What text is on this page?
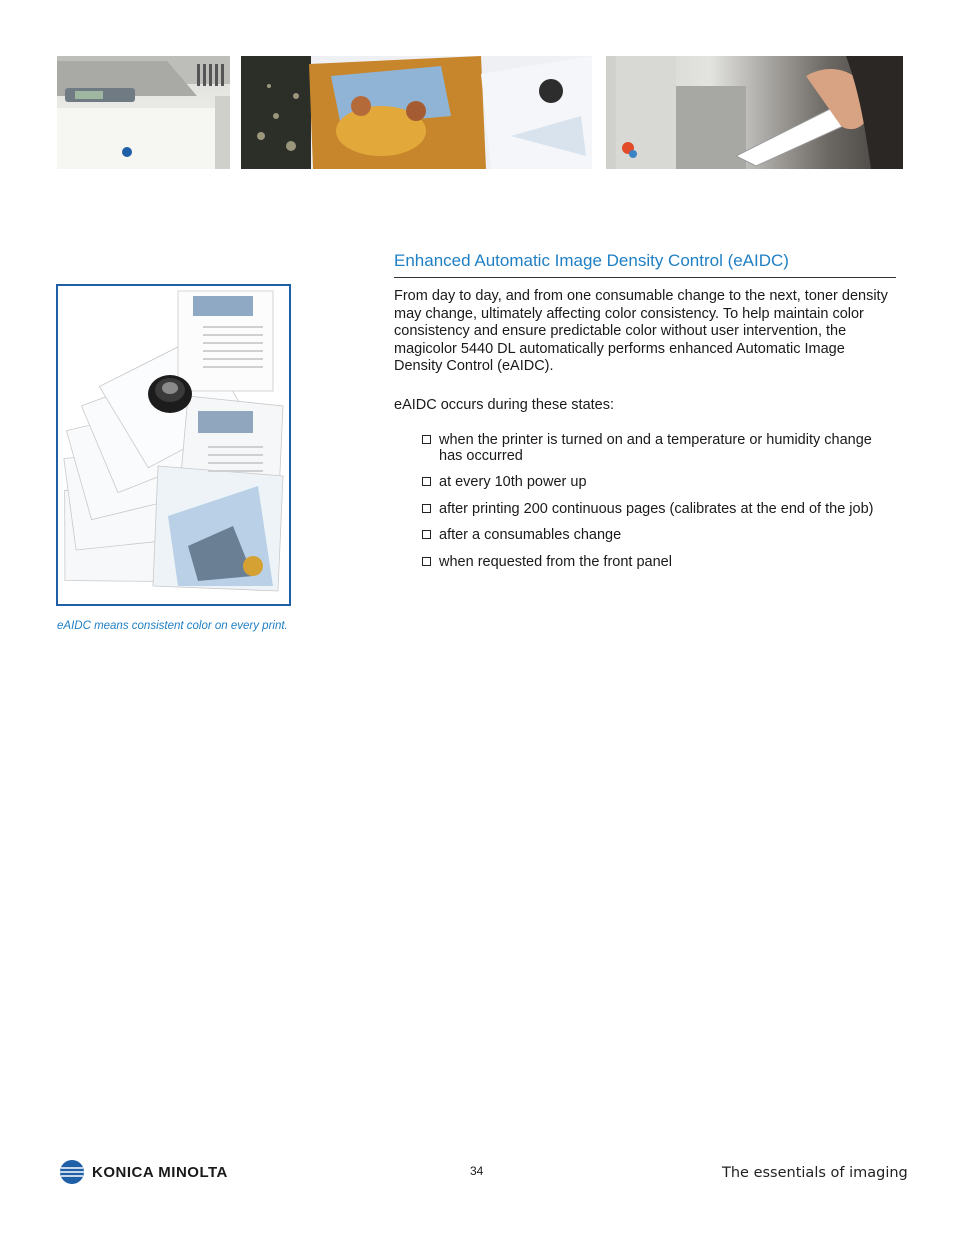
eAIDC means consistent color on every print.
Enhanced Automatic Image Density Control (eAIDC)

From day to day, and from one consumable change to the next, toner density may change, ultimately affecting color consistency. To help maintain color consistency and ensure predictable color without user intervention, the magicolor 5440 DL automatically performs enhanced Automatic Image Density Control (eAIDC).

eAIDC occurs during these states:

when the printer is turned on and a temperature or humidity change has occurred
at every 10th power up
after printing 200 continuous pages (calibrates at the end of the job)
after a consumables change
when requested from the front panel
KONICA MINOLTA	34	The essentials of imaging
